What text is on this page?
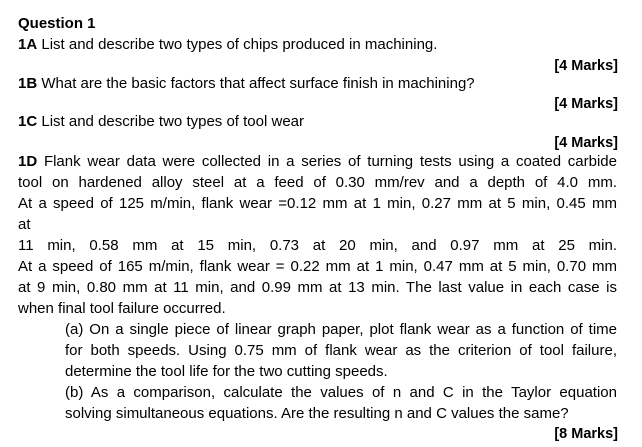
Question 1
1A List and describe two types of chips produced in machining.
[4 Marks]
1B What are the basic factors that affect surface finish in machining?
[4 Marks]
1C List and describe two types of tool wear
[4 Marks]
1D Flank wear data were collected in a series of turning tests using a coated carbide
tool on hardened alloy steel at a feed of 0.30 mm/rev and a depth of 4.0 mm.
At a speed of 125 m/min, flank wear =0.12 mm at 1 min, 0.27 mm at 5 min, 0.45 mm
at
11 min, 0.58 mm at 15 min, 0.73 at 20 min, and 0.97 mm at 25 min.
At a speed of 165 m/min, flank wear = 0.22 mm at 1 min, 0.47 mm at 5 min, 0.70 mm
at 9 min, 0.80 mm at 11 min, and 0.99 mm at 13 min. The last value in each case is
when final tool failure occurred.
(a) On a single piece of linear graph paper, plot flank wear as a function of time
for both speeds. Using 0.75 mm of flank wear as the criterion of tool failure,
determine the tool life for the two cutting speeds.
(b) As a comparison, calculate the values of n and C in the Taylor equation
solving simultaneous equations. Are the resulting n and C values the same?
[8 Marks]
